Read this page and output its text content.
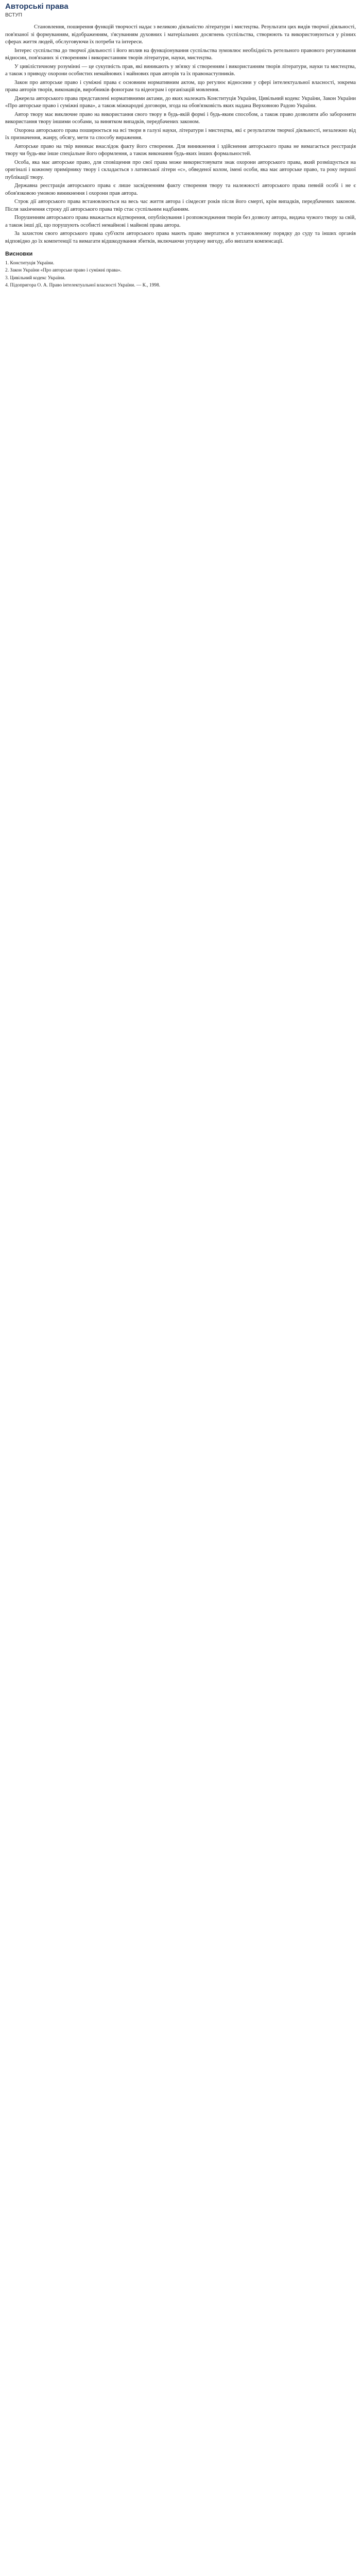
Авторські права
ВСТУП

Становлення, поширення функцій творчості надає з великою діяльністю літератури і мистецтва. Результати цих видів творчої діяльності, пов'язаної зі формуванням, відображенням, з'ясуванням духовних і матеріальних досягнень суспільства, створюють та використовуються у різних сферах життя людей, обслуговуючи їх потреби та інтереси.

Інтерес суспільства до творчої діяльності і його вплив на функціонування суспільства зумовлює необхідність ретельного правового регулювання відносин, пов'язаних зі створенням і використанням творів літератури, науки, мистецтва.

У цивілістичному розумінні — це сукупність прав, які виникають у зв'язку зі створенням і використанням творів літератури, науки та мистецтва, а також з приводу охорони особистих немайнових і майнових прав авторів та їх правонаступників.

Закон про авторське право і суміжні права є основним нормативним актом, що регулює відносини у сфері інтелектуальної власності, зокрема права авторів творів, виконавців, виробників фонограм та відеограм і організацій мовлення.

Джерела авторського права представлені нормативними актами, до яких належать Конституція України, Цивільний кодекс України, Закон України «Про авторське право і суміжні права», а також міжнародні договори, згода на обов'язковість яких надана Верховною Радою України.

Автор твору має виключне право на використання свого твору в будь-якій формі і будь-яким способом, а також право дозволяти або забороняти використання твору іншими особами, за винятком випадків, передбачених законом.

Охорона авторського права поширюється на всі твори в галузі науки, літератури і мистецтва, які є результатом творчої діяльності, незалежно від їх призначення, жанру, обсягу, мети та способу вираження.

Авторське право на твір виникає внаслідок факту його створення. Для виникнення і здійснення авторського права не вимагається реєстрація твору чи будь-яке інше спеціальне його оформлення, а також виконання будь-яких інших формальностей.

Особа, яка має авторське право, для сповіщення про свої права може використовувати знак охорони авторського права, який розміщується на оригіналі і кожному примірнику твору і складається з латинської літери «c», обведеної колом, імені особи, яка має авторське право, та року першої публікації твору.

Державна реєстрація авторського права є лише засвідченням факту створення твору та належності авторського права певній особі і не є обов'язковою умовою виникнення і охорони прав автора.

Строк дії авторського права встановлюється на весь час життя автора і сімдесят років після його смерті, крім випадків, передбачених законом. Після закінчення строку дії авторського права твір стає суспільним надбанням.

Порушенням авторського права вважається відтворення, опублікування і розповсюдження творів без дозволу автора, видача чужого твору за свій, а також інші дії, що порушують особисті немайнові і майнові права автора.

За захистом свого авторського права суб'єкти авторського права мають право звертатися в установленому порядку до суду та інших органів відповідно до їх компетенції та вимагати відшкодування збитків, включаючи упущену вигоду, або виплати компенсації.

Висновки

1. Конституція України.

2. Закон України «Про авторське право і суміжні права».

3. Цивільний кодекс України.

4. Підопригора О. А. Право інтелектуальної власності України. — К., 1998.
